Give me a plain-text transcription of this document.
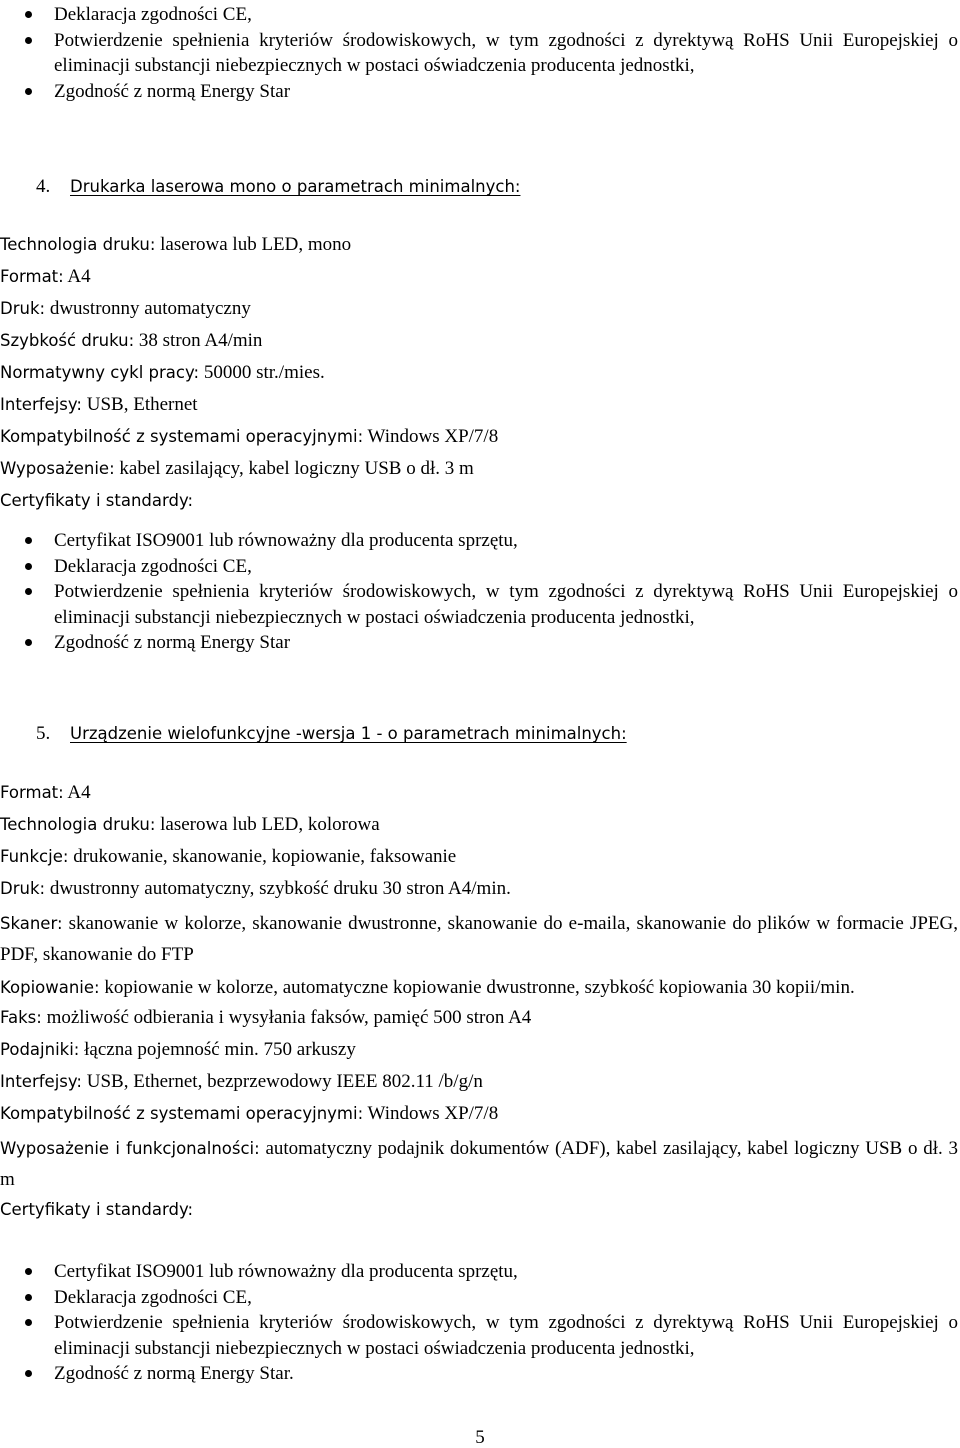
Deklaracja zgodności CE,
Potwierdzenie spełnienia kryteriów środowiskowych, w tym zgodności z dyrektywą RoHS Unii Europejskiej o eliminacji substancji niebezpiecznych w postaci oświadczenia producenta jednostki,
Zgodność z normą Energy Star
4. Drukarka laserowa mono o parametrach minimalnych:

Technologia druku: laserowa lub LED, mono

Format: A4

Druk: dwustronny automatyczny

Szybkość druku: 38 stron A4/min

Normatywny cykl pracy: 50000 str./mies.

Interfejsy: USB, Ethernet

Kompatybilność z systemami operacyjnymi: Windows XP/7/8

Wyposażenie: kabel zasilający, kabel logiczny USB o dł. 3 m

Certyfikaty i standardy:

Certyfikat ISO9001 lub równoważny dla producenta sprzętu,
Deklaracja zgodności CE,
Potwierdzenie spełnienia kryteriów środowiskowych, w tym zgodności z dyrektywą RoHS Unii Europejskiej o eliminacji substancji niebezpiecznych w postaci oświadczenia producenta jednostki,
Zgodność z normą Energy Star
5. Urządzenie wielofunkcyjne -wersja 1 - o parametrach minimalnych:

Format: A4

Technologia druku: laserowa lub LED, kolorowa

Funkcje: drukowanie, skanowanie, kopiowanie, faksowanie

Druk: dwustronny automatyczny, szybkość druku 30 stron A4/min.

Skaner: skanowanie w kolorze, skanowanie dwustronne, skanowanie do e-maila, skanowanie do plików w formacie JPEG, PDF, skanowanie do FTP

Kopiowanie: kopiowanie w kolorze, automatyczne kopiowanie dwustronne, szybkość kopiowania 30 kopii/min.

Faks: możliwość odbierania i wysyłania faksów, pamięć 500 stron A4

Podajniki: łączna pojemność min. 750 arkuszy

Interfejsy: USB, Ethernet, bezprzewodowy IEEE 802.11 /b/g/n

Kompatybilność z systemami operacyjnymi: Windows XP/7/8

Wyposażenie i funkcjonalności: automatyczny podajnik dokumentów (ADF), kabel zasilający, kabel logiczny USB o dł. 3 m

Certyfikaty i standardy:

Certyfikat ISO9001 lub równoważny dla producenta sprzętu,
Deklaracja zgodności CE,
Potwierdzenie spełnienia kryteriów środowiskowych, w tym zgodności z dyrektywą RoHS Unii Europejskiej o eliminacji substancji niebezpiecznych w postaci oświadczenia producenta jednostki,
Zgodność z normą Energy Star.
5
